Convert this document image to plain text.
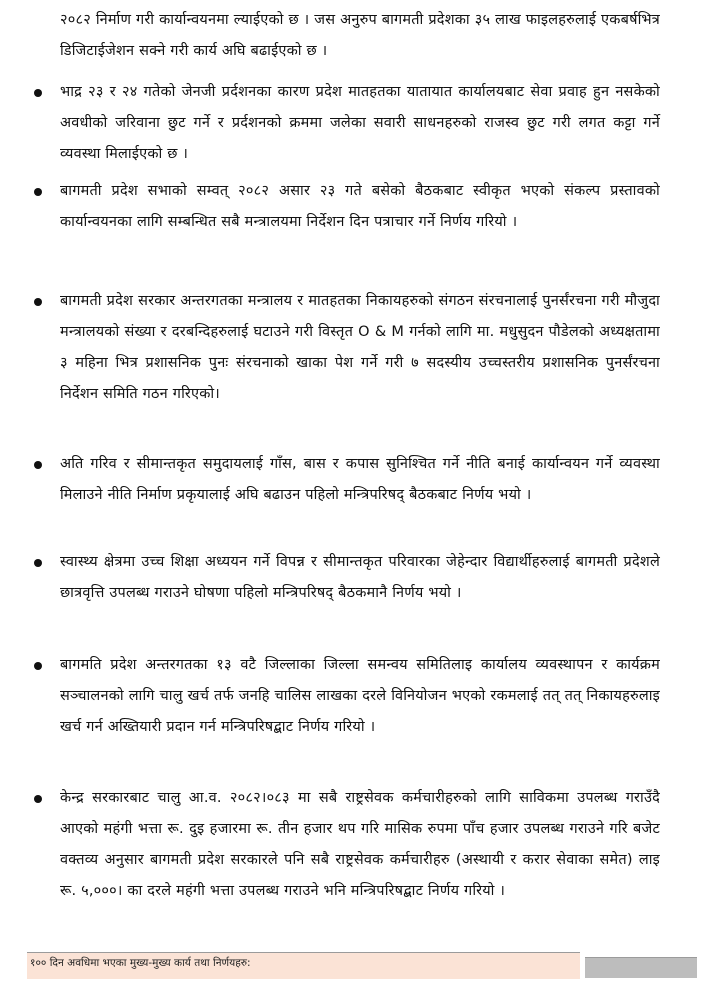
२०८२ निर्माण गरी कार्यान्वयनमा ल्याईएको छ । जस अनुरुप बागमती प्रदेशका ३५ लाख फाइलहरुलाई एकबर्षभित्र डिजिटाईजेशन सक्ने गरी कार्य अघि बढाईएको छ ।

भाद्र २३ र २४ गतेको जेनजी प्रर्दशनका कारण प्रदेश मातहतका यातायात कार्यालयबाट सेवा प्रवाह हुन नसकेको अवधीको जरिवाना छुट गर्ने र प्रर्दशनको क्रममा जलेका सवारी साधनहरुको राजस्व छुट गरी लगत कट्टा गर्ने व्यवस्था मिलाईएको छ ।

बागमती प्रदेश सभाको सम्वत् २०८२ असार २३ गते बसेको बैठकबाट स्वीकृत भएको संकल्प प्रस्तावको कार्यान्वयनका लागि सम्बन्धित सबै मन्त्रालयमा निर्देशन दिन पत्राचार गर्ने निर्णय गरियो ।

बागमती प्रदेश सरकार अन्तरगतका मन्त्रालय र मातहतका निकायहरुको संगठन संरचनालाई पुनर्संरचना गरी मौजुदा मन्त्रालयको संख्या र दरबन्दिहरुलाई घटाउने गरी विस्तृत O & M गर्नको लागि मा. मधुसुदन पौडेलको अध्यक्षतामा ३ महिना भित्र प्रशासनिक पुनः संरचनाको खाका पेश गर्ने गरी ७ सदस्यीय उच्चस्तरीय प्रशासनिक पुनर्संरचना निर्देशन समिति गठन गरिएको।

अति गरिव र सीमान्तकृत समुदायलाई गाँस, बास र कपास सुनिश्चित गर्ने नीति बनाई कार्यान्वयन गर्ने व्यवस्था मिलाउने नीति निर्माण प्रकृयालाई अघि बढाउन पहिलो मन्त्रिपरिषद् बैठकबाट निर्णय भयो ।

स्वास्थ्य क्षेत्रमा उच्च शिक्षा अध्ययन गर्ने विपन्न र सीमान्तकृत परिवारका जेहेन्दार विद्यार्थीहरुलाई बागमती प्रदेशले छात्रवृत्ति उपलब्ध गराउने घोषणा पहिलो मन्त्रिपरिषद् बैठकमानै निर्णय भयो ।

बागमति प्रदेश अन्तरगतका १३ वटै जिल्लाका जिल्ला समन्वय समितिलाइ कार्यालय व्यवस्थापन र कार्यक्रम सञ्चालनको लागि चालु खर्च तर्फ जनहि चालिस लाखका दरले विनियोजन भएको रकमलाई तत् तत् निकायहरुलाइ खर्च गर्न अख्तियारी प्रदान गर्न मन्त्रिपरिषद्बाट निर्णय गरियो ।

केन्द्र सरकारबाट चालु आ.व. २०८२।०८३ मा सबै राष्ट्रसेवक कर्मचारीहरुको लागि साविकमा उपलब्ध गराउँदै आएको महंगी भत्ता रू. दुइ हजारमा रू. तीन हजार थप गरि मासिक रुपमा पाँच हजार उपलब्ध गराउने गरि बजेट वक्तव्य अनुसार बागमती प्रदेश सरकारले पनि सबै राष्ट्रसेवक कर्मचारीहरु (अस्थायी र करार सेवाका समेत) लाइ रू. ५,०००। का दरले महंगी भत्ता उपलब्ध गराउने भनि मन्त्रिपरिषद्बाट निर्णय गरियो ।

१०० दिन अवधिमा भएका मुख्य-मुख्य कार्य तथा निर्णयहरु:
